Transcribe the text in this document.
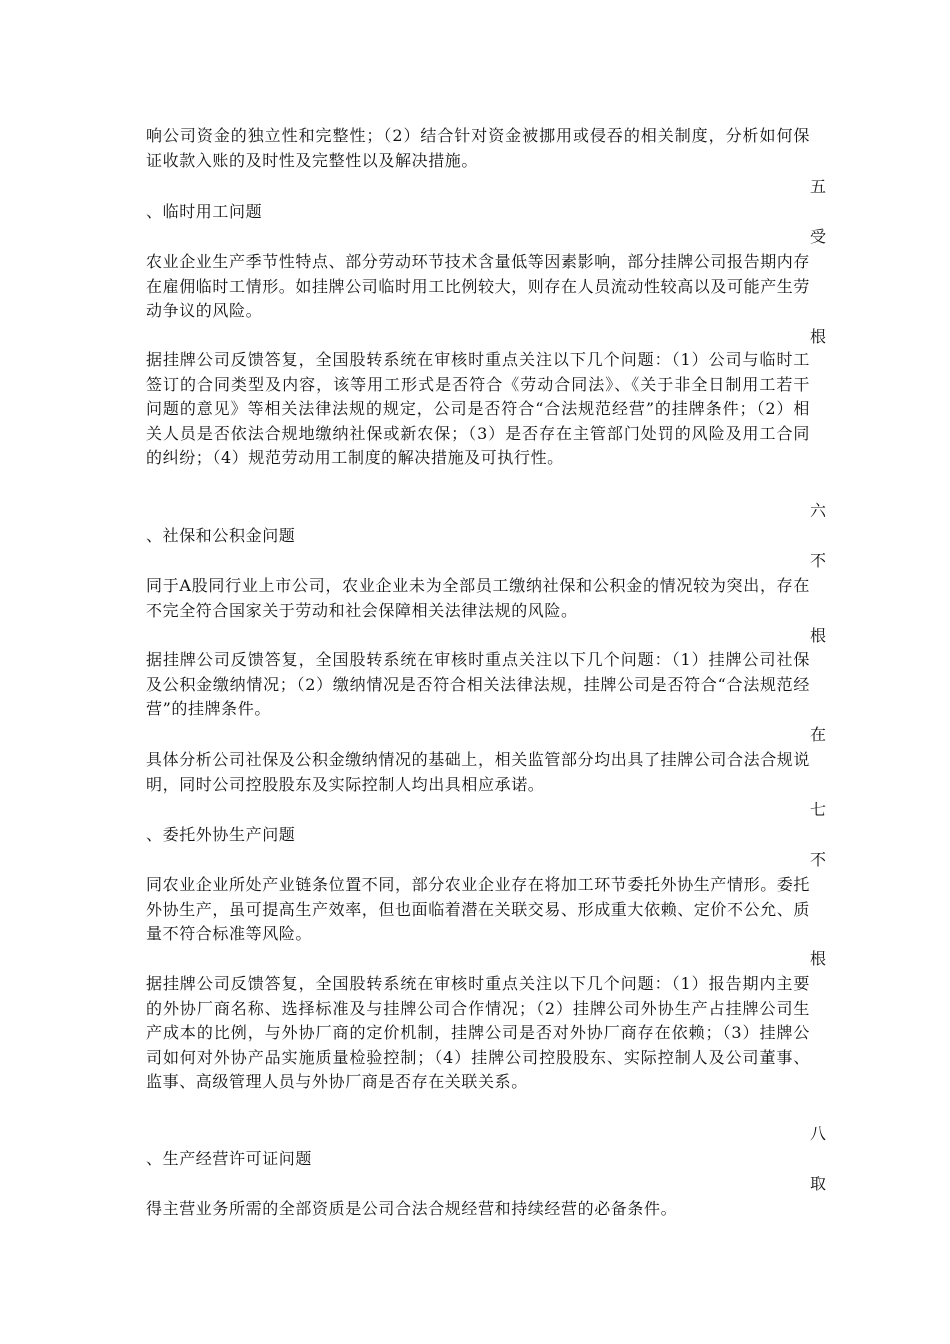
响公司资金的独立性和完整性；（2）结合针对资金被挪用或侵吞的相关制度，分析如何保证收款入账的及时性及完整性以及解决措施。

五

、临时用工问题

受

农业企业生产季节性特点、部分劳动环节技术含量低等因素影响，部分挂牌公司报告期内存在雇佣临时工情形。如挂牌公司临时用工比例较大，则存在人员流动性较高以及可能产生劳动争议的风险。

根

据挂牌公司反馈答复，全国股转系统在审核时重点关注以下几个问题：（1）公司与临时工签订的合同类型及内容，该等用工形式是否符合《劳动合同法》、《关于非全日制用工若干问题的意见》等相关法律法规的规定，公司是否符合“合法规范经营”的挂牌条件；（2）相关人员是否依法合规地缴纳社保或新农保；（3）是否存在主管部门处罚的风险及用工合同的纠纷；（4）规范劳动用工制度的解决措施及可执行性。

六

、社保和公积金问题

不

同于A股同行业上市公司，农业企业未为全部员工缴纳社保和公积金的情况较为突出，存在不完全符合国家关于劳动和社会保障相关法律法规的风险。

根

据挂牌公司反馈答复，全国股转系统在审核时重点关注以下几个问题：（1）挂牌公司社保及公积金缴纳情况；（2）缴纳情况是否符合相关法律法规，挂牌公司是否符合“合法规范经营”的挂牌条件。

在

具体分析公司社保及公积金缴纳情况的基础上，相关监管部分均出具了挂牌公司合法合规说明，同时公司控股股东及实际控制人均出具相应承诺。

七

、委托外协生产问题

不

同农业企业所处产业链条位置不同，部分农业企业存在将加工环节委托外协生产情形。委托外协生产，虽可提高生产效率，但也面临着潜在关联交易、形成重大依赖、定价不公允、质量不符合标准等风险。

根

据挂牌公司反馈答复，全国股转系统在审核时重点关注以下几个问题：（1）报告期内主要的外协厂商名称、选择标准及与挂牌公司合作情况；（2）挂牌公司外协生产占挂牌公司生产成本的比例，与外协厂商的定价机制，挂牌公司是否对外协厂商存在依赖；（3）挂牌公司如何对外协产品实施质量检验控制；（4）挂牌公司控股股东、实际控制人及公司董事、监事、高级管理人员与外协厂商是否存在关联关系。

八

、生产经营许可证问题

取

得主营业务所需的全部资质是公司合法合规经营和持续经营的必备条件。
